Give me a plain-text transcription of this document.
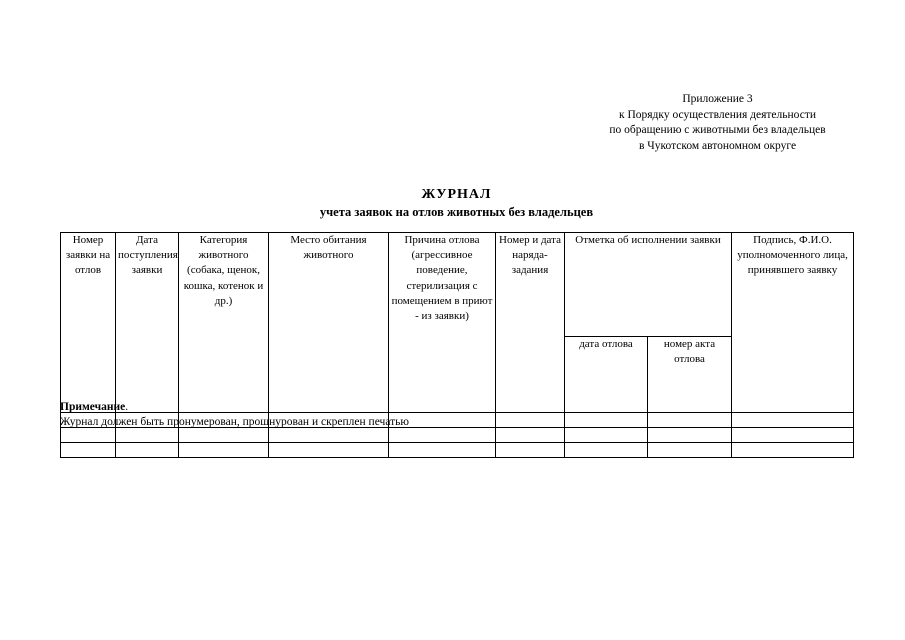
Приложение 3
к Порядку осуществления деятельности
по обращению с животными без владельцев
в Чукотском автономном округе
ЖУРНАЛ
учета заявок на отлов животных без владельцев
Номер заявки на отлов	Дата поступления заявки	Категория животного (собака, щенок, кошка, котенок и др.)	Место обитания животного	Причина отлова (агрессивное поведение, стерилизация с помещением в приют - из заявки)	Номер и дата наряда-задания	Отметка об исполнении заявки		Подпись, Ф.И.О. уполномоченного лица, принявшего заявку
						дата отлова	номер акта отлова	

Примечание.
Журнал должен быть пронумерован, прошнурован и скреплен печатью
